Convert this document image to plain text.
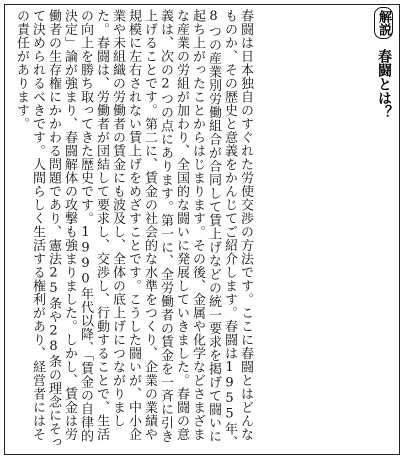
解説
春闘とは？

春闘は日本独自のすぐれた労使交渉の方法です。ここに春闘とはどんなものか、その歴史と意義をかんじてご紹介します。春闘は1955年、8つの産業別労働組合が合同して賃上げなどの統一要求を掲げて闘いに起ち上がったことからはじまります。その後、金属や化学などさまざまな産業の労組が加わり、全国的な闘いに発展していきました。春闘の意義は、次の2つの点にあります。第一に、全労働者の賃金を一斉に引き上げることです。第二に、賃金の社会的な水準をつくり、企業の業績や規模に左右されない賃上げをめざすことです。こうした闘いが、中小企業や未組織の労働者の賃金にも波及し、全体の底上げにつながりました。春闘は、労働者が団結して要求し、交渉し、行動することで、生活の向上を勝ち取ってきた歴史です。1990年代以降、「賃金の自律的決定」論が強まり、春闘解体の攻撃も強まりました。しかし、賃金は労働者の生存権にかかわる問題であり、憲法25条や28条の理念にそって決められるべきです。人間らしく生活する権利があり、経営者にはその責任があります。
